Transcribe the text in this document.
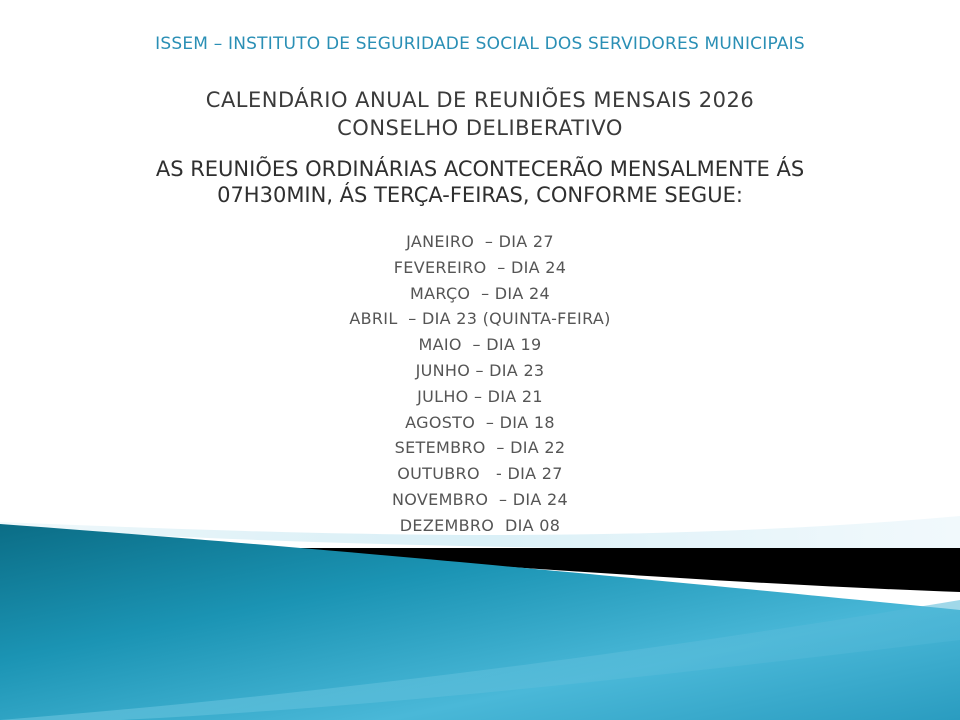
ISSEM – INSTITUTO DE SEGURIDADE SOCIAL DOS SERVIDORES MUNICIPAIS
CALENDÁRIO ANUAL DE REUNIÕES MENSAIS 2026
CONSELHO DELIBERATIVO
AS REUNIÕES ORDINÁRIAS ACONTECERÃO MENSALMENTE ÁS
07H30MIN, ÁS TERÇA-FEIRAS, CONFORME SEGUE:
JANEIRO  – DIA 27
FEVEREIRO  – DIA 24
MARÇO  – DIA 24
ABRIL  – DIA 23 (QUINTA-FEIRA)
MAIO  – DIA 19
JUNHO – DIA 23
JULHO – DIA 21
AGOSTO  – DIA 18
SETEMBRO  – DIA 22
OUTUBRO   - DIA 27
NOVEMBRO  – DIA 24
DEZEMBRO  DIA 08
